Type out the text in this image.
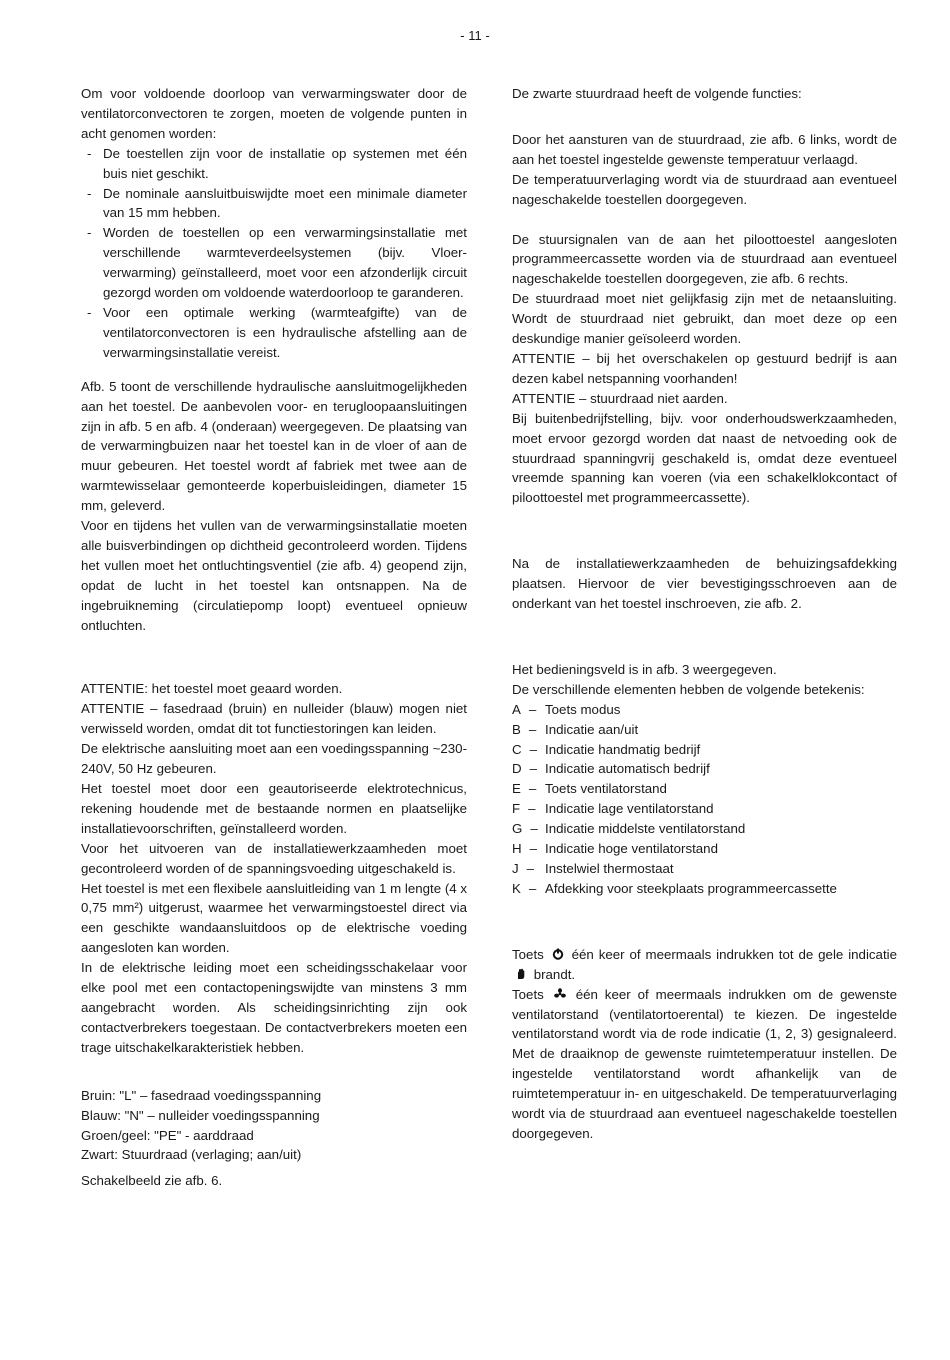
- 11 -

Om voor voldoende doorloop van verwarmingswater door de ventilatorconvectoren te zorgen, moeten de volgende punten in acht genomen worden:

- De toestellen zijn voor de installatie op systemen met één buis niet geschikt.
- De nominale aansluitbuiswijdte moet een minimale diameter van 15 mm hebben.
- Worden de toestellen op een verwarmingsinstallatie met verschillende warmteverdeelsystemen (bijv. Vloer-verwarming) geïnstalleerd, moet voor een afzonderlijk circuit gezorgd worden om voldoende waterdoorloop te garanderen.
- Voor een optimale werking (warmteafgifte) van de ventilatorconvectoren is een hydraulische afstelling aan de verwarmingsinstallatie vereist.

Afb. 5 toont de verschillende hydraulische aansluitmogelijkheden aan het toestel. De aanbevolen voor- en terugloopaansluitingen zijn in afb. 5 en afb. 4 (onderaan) weergegeven. De plaatsing van de verwarmingbuizen naar het toestel kan in de vloer of aan de muur gebeuren. Het toestel wordt af fabriek met twee aan de warmtewisselaar gemonteerde koperbuisleidingen, diameter 15 mm, geleverd.

Voor en tijdens het vullen van de verwarmingsinstallatie moeten alle buisverbindingen op dichtheid gecontroleerd worden. Tijdens het vullen moet het ontluchtingsventiel (zie afb. 4) geopend zijn, opdat de lucht in het toestel kan ontsnappen. Na de ingebruikneming (circulatiepomp loopt) eventueel opnieuw ontluchten.

ATTENTIE: het toestel moet geaard worden.

ATTENTIE – fasedraad (bruin) en nulleider (blauw) mogen niet verwisseld worden, omdat dit tot functiestoringen kan leiden.

De elektrische aansluiting moet aan een voedingsspanning ~230-240V, 50 Hz gebeuren.

Het toestel moet door een geautoriseerde elektrotechnicus, rekening houdende met de bestaande normen en plaatselijke installatievoorschriften, geïnstalleerd worden.

Voor het uitvoeren van de installatiewerkzaamheden moet gecontroleerd worden of de spanningsvoeding uitgeschakeld is.

Het toestel is met een flexibele aansluitleiding van 1 m lengte (4 x 0,75 mm²) uitgerust, waarmee het verwarmingstoestel direct via een geschikte wandaansluitdoos op de elektrische voeding aangesloten kan worden.

In de elektrische leiding moet een scheidingsschakelaar voor elke pool met een contactopeningswijdte van minstens 3 mm aangebracht worden. Als scheidingsinrichting zijn ook contactverbrekers toegestaan. De contactverbrekers moeten een trage uitschakelkarakteristiek hebben.

Bruin: "L" – fasedraad voedingsspanning
Blauw: "N" – nulleider voedingsspanning
Groen/geel: "PE" - aarddraad
Zwart: Stuurdraad (verlaging; aan/uit)
Schakelbeeld zie afb. 6.

De zwarte stuurdraad heeft de volgende functies:

Door het aansturen van de stuurdraad, zie afb. 6 links, wordt de aan het toestel ingestelde gewenste temperatuur verlaagd.

De temperatuurverlaging wordt via de stuurdraad aan eventueel nageschakelde toestellen doorgegeven.

De stuursignalen van de aan het piloottoestel aangesloten programmeercassette worden via de stuurdraad aan eventueel nageschakelde toestellen doorgegeven, zie afb. 6 rechts.

De stuurdraad moet niet gelijkfasig zijn met de netaansluiting. Wordt de stuurdraad niet gebruikt, dan moet deze op een deskundige manier geïsoleerd worden.

ATTENTIE – bij het overschakelen op gestuurd bedrijf is aan dezen kabel netspanning voorhanden!

ATTENTIE – stuurdraad niet aarden.

Bij buitenbedrijfstelling, bijv. voor onderhoudswerkzaamheden, moet ervoor gezorgd worden dat naast de netvoeding ook de stuurdraad spanningvrij geschakeld is, omdat deze eventueel vreemde spanning kan voeren (via een schakelklokcontact of piloottoestel met programmeercassette).

Na de installatiewerkzaamheden de behuizingsafdekking plaatsen. Hiervoor de vier bevestigingsschroeven aan de onderkant van het toestel inschroeven, zie afb. 2.

Het bedieningsveld is in afb. 3 weergegeven.
De verschillende elementen hebben de volgende betekenis:
A – Toets modus
B – Indicatie aan/uit
C – Indicatie handmatig bedrijf
D – Indicatie automatisch bedrijf
E – Toets ventilatorstand
F – Indicatie lage ventilatorstand
G – Indicatie middelste ventilatorstand
H – Indicatie hoge ventilatorstand
J – Instelwiel thermostaat
K – Afdekking voor steekplaats programmeercassette

Toets één keer of meermaals indrukken tot de gele indicatie  brandt.

Toets één keer of meermaals indrukken om de gewenste ventilatorstand (ventilatortoerental) te kiezen. De ingestelde ventilatorstand wordt via de rode indicatie (1, 2, 3) gesignaleerd. Met de draaiknop de gewenste ruimtetemperatuur instellen. De ingestelde ventilatorstand wordt afhankelijk van de ruimtetemperatuur in- en uitgeschakeld. De temperatuurverlaging wordt via de stuurdraad aan eventueel nageschakelde toestellen doorgegeven.
